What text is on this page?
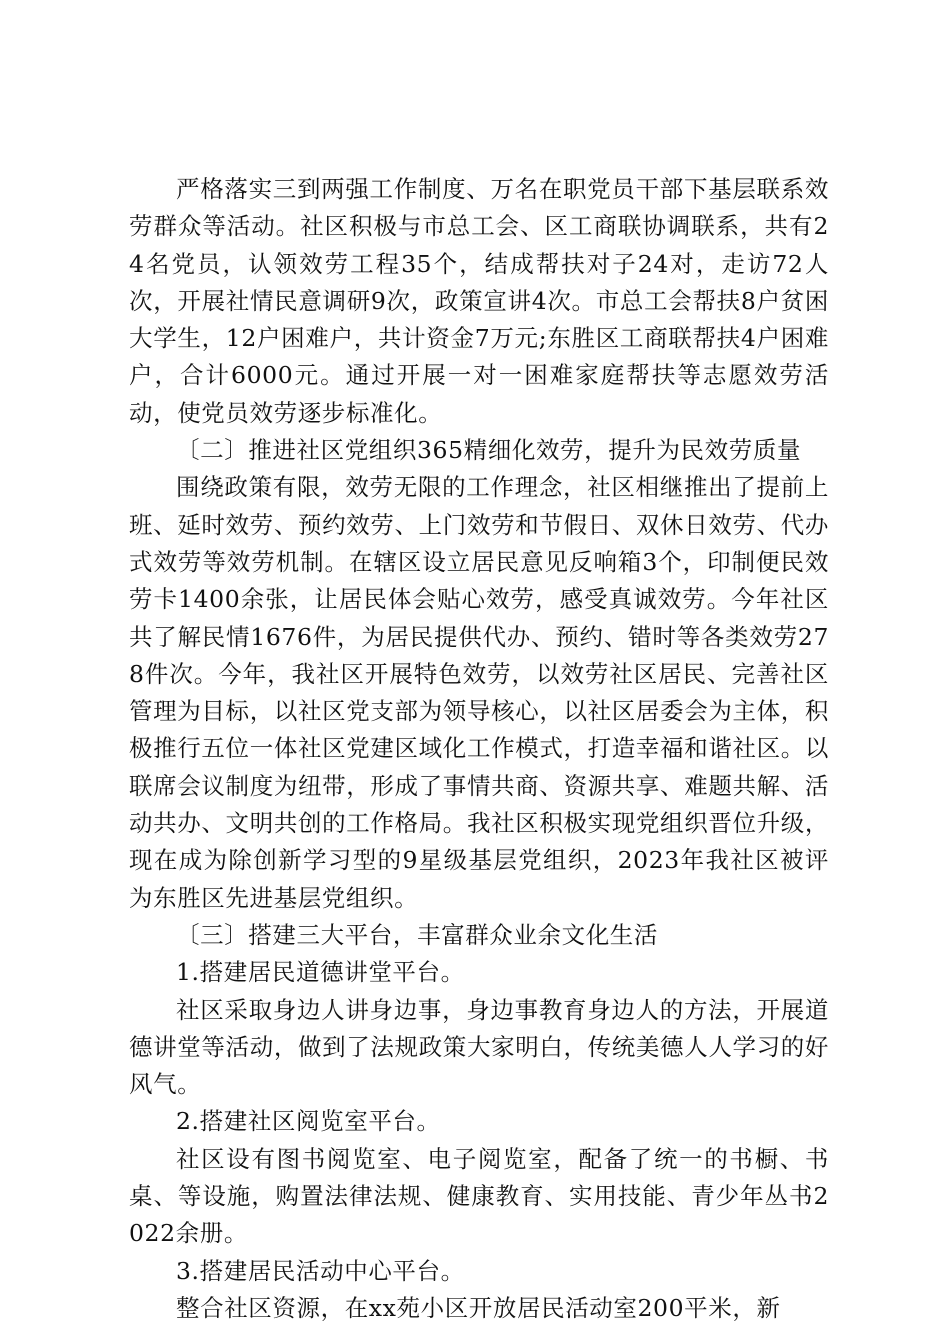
严格落实三到两强工作制度、万名在职党员干部下基层联系效劳群众等活动。社区积极与市总工会、区工商联协调联系，共有24名党员，认领效劳工程35个，结成帮扶对子24对，走访72人次，开展社情民意调研9次，政策宣讲4次。市总工会帮扶8户贫困大学生，12户困难户，共计资金7万元;东胜区工商联帮扶4户困难户，合计6000元。通过开展一对一困难家庭帮扶等志愿效劳活动，使党员效劳逐步标准化。

〔二〕推进社区党组织365精细化效劳，提升为民效劳质量

围绕政策有限，效劳无限的工作理念，社区相继推出了提前上班、延时效劳、预约效劳、上门效劳和节假日、双休日效劳、代办式效劳等效劳机制。在辖区设立居民意见反响箱3个，印制便民效劳卡1400余张，让居民体会贴心效劳，感受真诚效劳。今年社区共了解民情1676件，为居民提供代办、预约、错时等各类效劳278件次。今年，我社区开展特色效劳，以效劳社区居民、完善社区管理为目标，以社区党支部为领导核心，以社区居委会为主体，积极推行五位一体社区党建区域化工作模式，打造幸福和谐社区。以联席会议制度为纽带，形成了事情共商、资源共享、难题共解、活动共办、文明共创的工作格局。我社区积极实现党组织晋位升级，现在成为除创新学习型的9星级基层党组织，2023年我社区被评为东胜区先进基层党组织。

〔三〕搭建三大平台，丰富群众业余文化生活

1.搭建居民道德讲堂平台。

社区采取身边人讲身边事，身边事教育身边人的方法，开展道德讲堂等活动，做到了法规政策大家明白，传统美德人人学习的好风气。

2.搭建社区阅览室平台。

社区设有图书阅览室、电子阅览室，配备了统一的书橱、书桌、等设施，购置法律法规、健康教育、实用技能、青少年丛书2022余册。

3.搭建居民活动中心平台。

整合社区资源，在xx苑小区开放居民活动室200平米，新
